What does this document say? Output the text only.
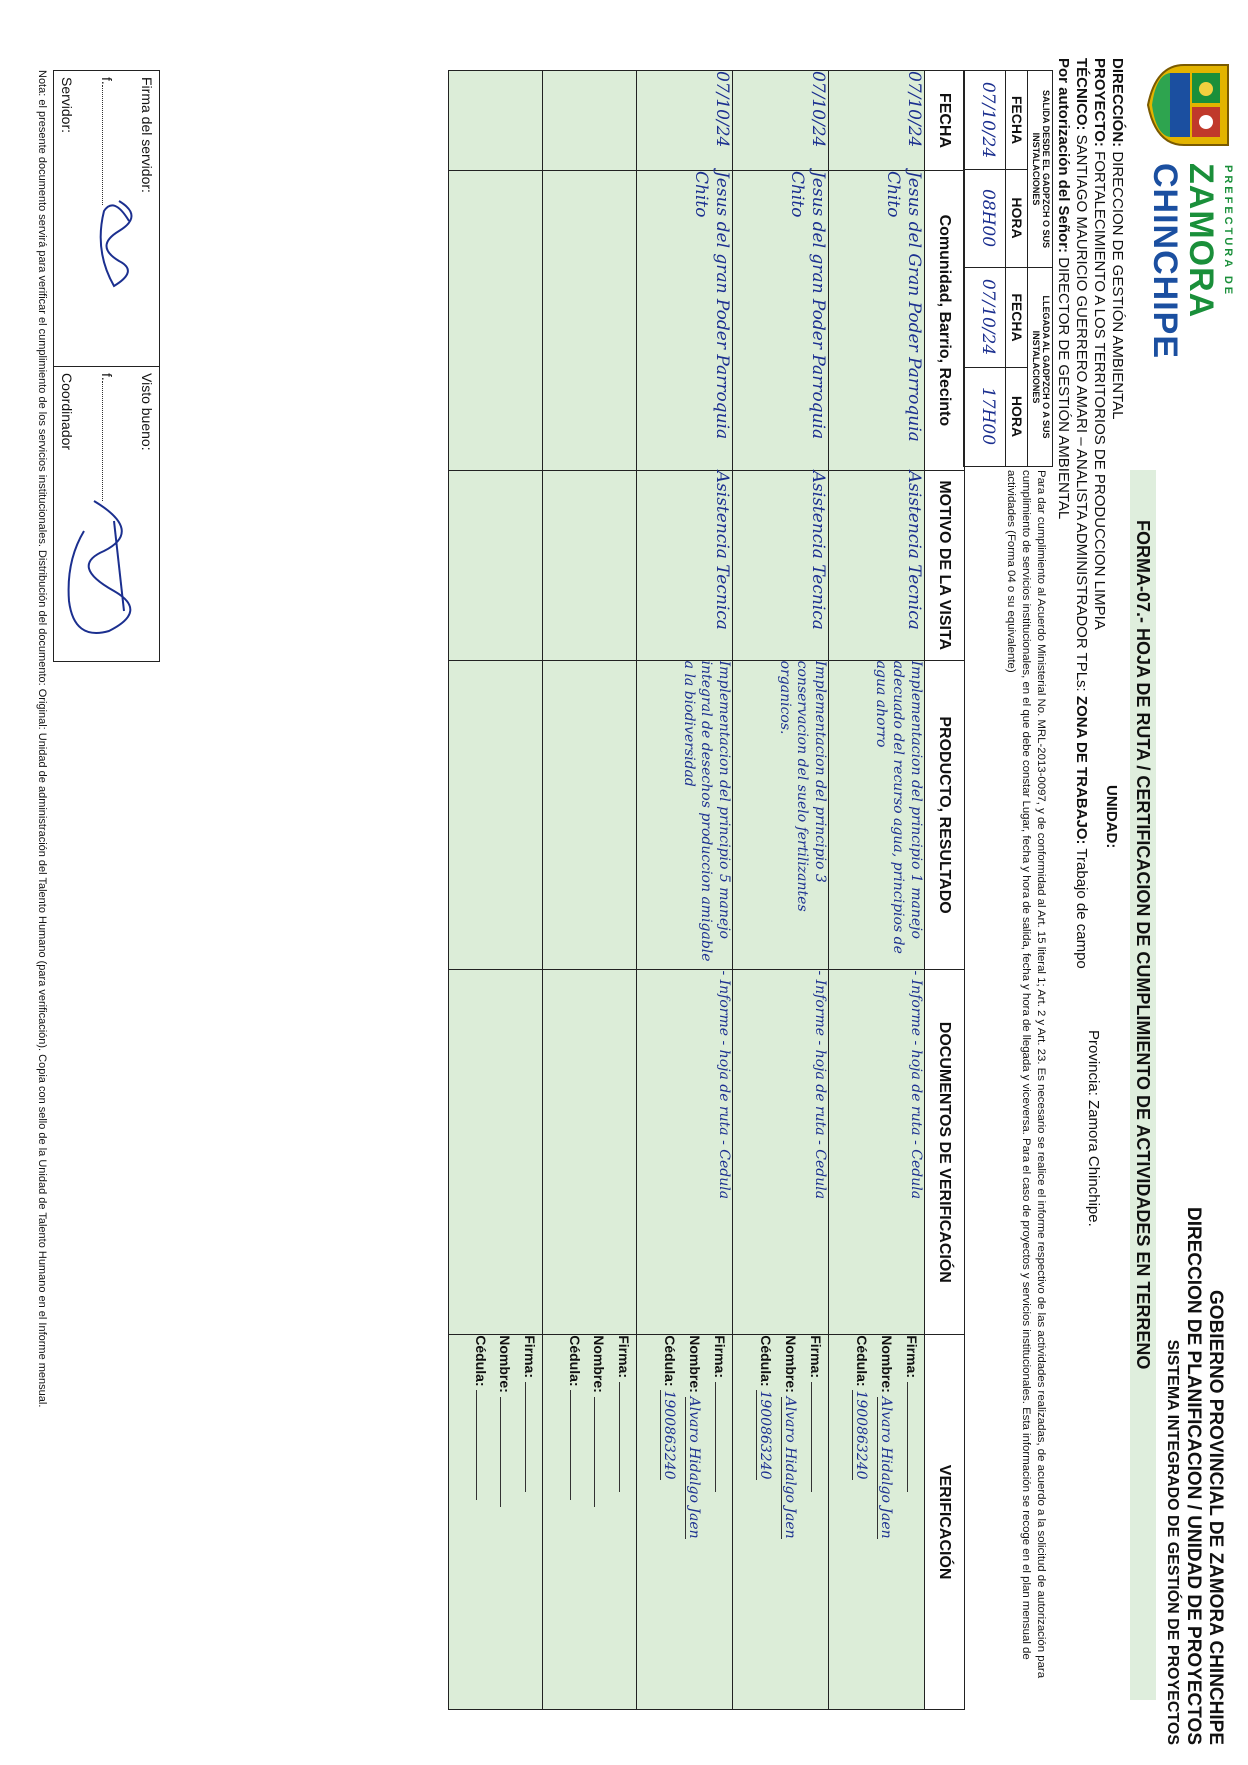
PREFECTURA DE
ZAMORA
CHINCHIPE
GOBIERNO PROVINCIAL DE ZAMORA CHINCHIPE
DIRECCION DE PLANIFICACION / UNIDAD DE PROYECTOS
SISTEMA INTEGRADO DE GESTIÓN DE PROYECTOS
FORMA-07.- HOJA DE RUTA / CERTIFICACION DE CUMPLIMIENTO DE ACTIVIDADES EN TERRENO
DIRECCIÓN: DIRECCION DE GESTIÓN AMBIENTAL
UNIDAD:
PROYECTO: FORTALECIMIENTO A LOS TERRITORIOS DE PRODUCCION LIMPIA
Provincia: Zamora Chinchipe.
TÉCNICO: SANTIAGO MAURICIO GUERRERO AMARI – ANALISTA ADMINISTRADOR TPLs: ZONA DE TRABAJO: Trabajo de campo
Por autorización del Señor: DIRECTOR DE GESTIÓN AMBIENTAL
SALIDA DESDE EL GADPZCH O SUS INSTALACIONES
LLEGADA AL GADPZCH O A SUS INSTALACIONES
FECHA
HORA
FECHA
HORA
07/10/24
08H00
07/10/24
17H00
Para dar cumplimiento al Acuerdo Ministerial No. MRL-2013-0097, y de conformidad al Art. 15 literal 1; Art. 2 y Art. 23. Es necesario se realice el informe respectivo de las actividades realizadas, de acuerdo a la solicitud de autorización para cumplimiento de servicios institucionales, en el que debe constar Lugar, fecha y hora de salida, fecha y hora de llegada y viceversa. Para el caso de proyectos y servicios institucionales. Esta información se recoge en el plan mensual de actividades (Forma 04 o su equivalente)
FECHA	Comunidad, Barrio, Recinto	MOTIVO DE LA VISITA	PRODUCTO, RESULTADO	DOCUMENTOS DE VERIFICACIÓN	VERIFICACIÓN
07/10/24	Jesus del Gran Poder Parroquia Chito	Asistencia Tecnica	Implementacion del principio 1 manejo adecuado del recurso agua, principios de agua ahorro	- Informe - hoja de ruta - Cedula	Firma:
Nombre: Alvaro Hidalgo Jaen
Cédula: 1900863240

07/10/24	Jesus del gran Poder Parroquia Chito	Asistencia Tecnica	Implementacion del principio 3 conservacion del suelo fertilizantes organicos.	- Informe - hoja de ruta - Cedula	Firma:
Nombre: Alvaro Hidalgo Jaen
Cédula: 1900863240

07/10/24	Jesus del gran Poder Parroquia Chito	Asistencia Tecnica	Implementacion del principio 5 manejo integral de desechos produccion amigable a la biodiversidad	- Informe - hoja de ruta - Cedula	Firma:
Nombre: Alvaro Hidalgo Jaen
Cédula: 1900863240

					Firma:
Nombre:
Cédula:

					Firma:
Nombre:
Cédula:
Firma del servidor:
f.
Servidor:
Visto bueno:
f.
Coordinador
Nota: el presente documento servirá para verificar el cumplimiento de los servicios institucionales. Distribución del documento: Original: Unidad de administración del Talento Humano (para verificación). Copia con sello de la Unidad de Talento Humano en el Informe mensual.
